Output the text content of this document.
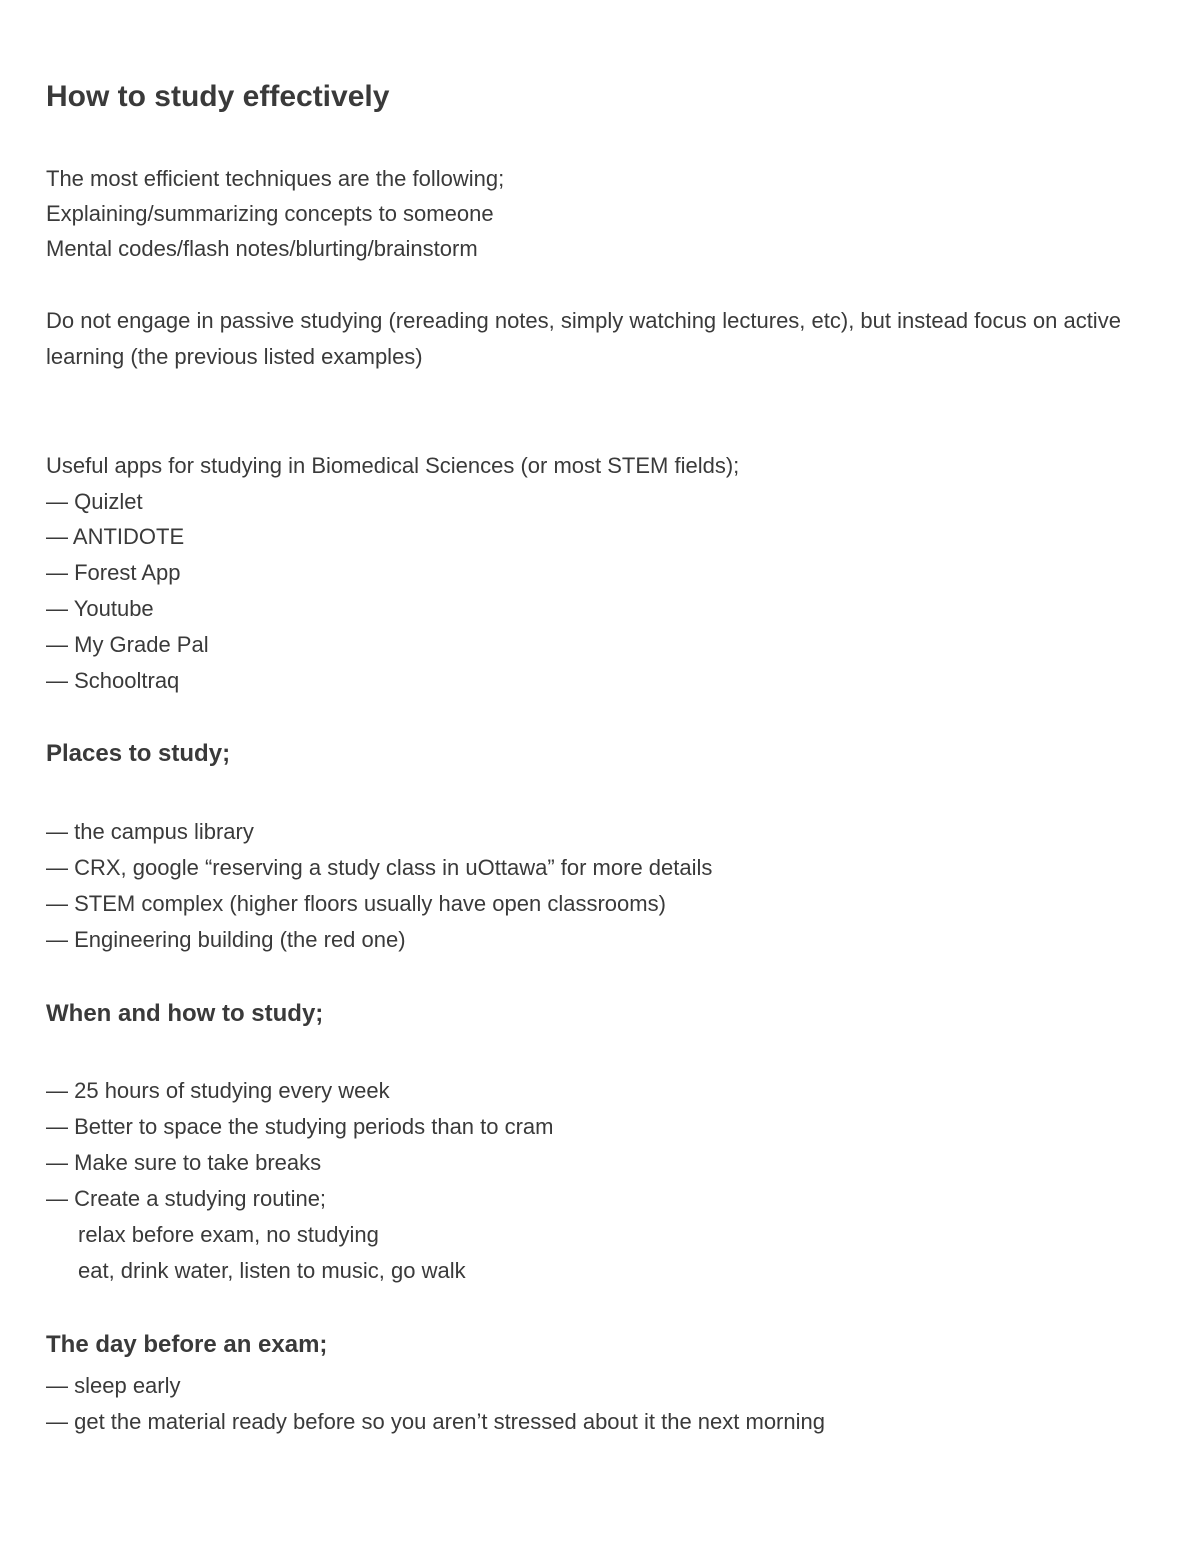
How to study effectively

The most efficient techniques are the following;

Explaining/summarizing concepts to someone

Mental codes/flash notes/blurting/brainstorm

Do not engage in passive studying (rereading notes, simply watching lectures, etc), but instead focus on active learning (the previous listed examples)

Useful apps for studying in Biomedical Sciences (or most STEM fields);

— Quizlet

— ANTIDOTE

— Forest App

— Youtube

— My Grade Pal

— Schooltraq

Places to study;

— the campus library

— CRX, google “reserving a study class in uOttawa” for more details

— STEM complex (higher floors usually have open classrooms)

— Engineering building (the red one)

When and how to study;

— 25 hours of studying every week

— Better to space the studying periods than to cram

— Make sure to take breaks

— Create a studying routine;

relax before exam, no studying

eat, drink water, listen to music, go walk

The day before an exam;

— sleep early

— get the material ready before so you aren’t stressed about it the next morning
